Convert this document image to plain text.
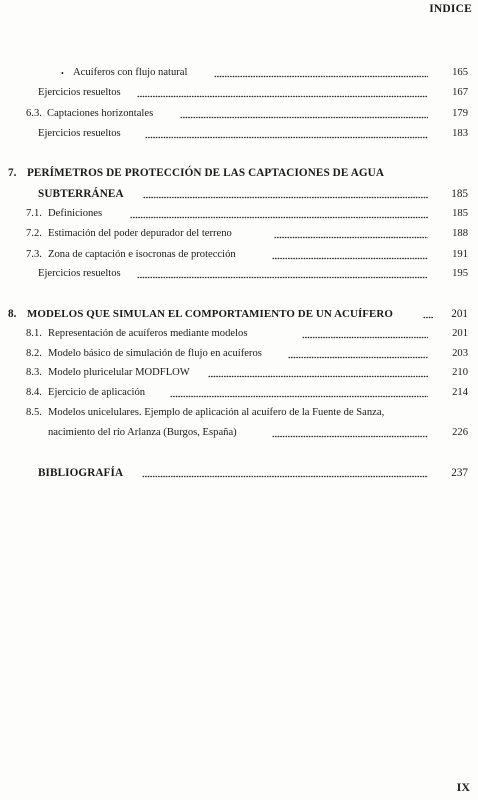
INDICE
• Acuíferos con flujo natural	165
Ejercicios resueltos	167
6.3. Captaciones horizontales	179
Ejercicios resueltos	183
7. PERÍMETROS DE PROTECCIÓN DE LAS CAPTACIONES DE AGUA
SUBTERRÁNEA	185
7.1. Definiciones	185
7.2. Estimación del poder depurador del terreno	188
7.3. Zona de captación e isocronas de protección	191
Ejercicios resueltos	195
8. MODELOS QUE SIMULAN EL COMPORTAMIENTO DE UN ACUÍFERO	201
8.1. Representación de acuíferos mediante modelos	201
8.2. Modelo básico de simulación de flujo en acuíferos	203
8.3. Modelo pluricelular MODFLOW	210
8.4. Ejercicio de aplicación	214
8.5. Modelos unicelulares. Ejemplo de aplicación al acuífero de la Fuente de Sanza,
nacimiento del río Arlanza (Burgos, España)	226
BIBLIOGRAFÍA	237
IX
